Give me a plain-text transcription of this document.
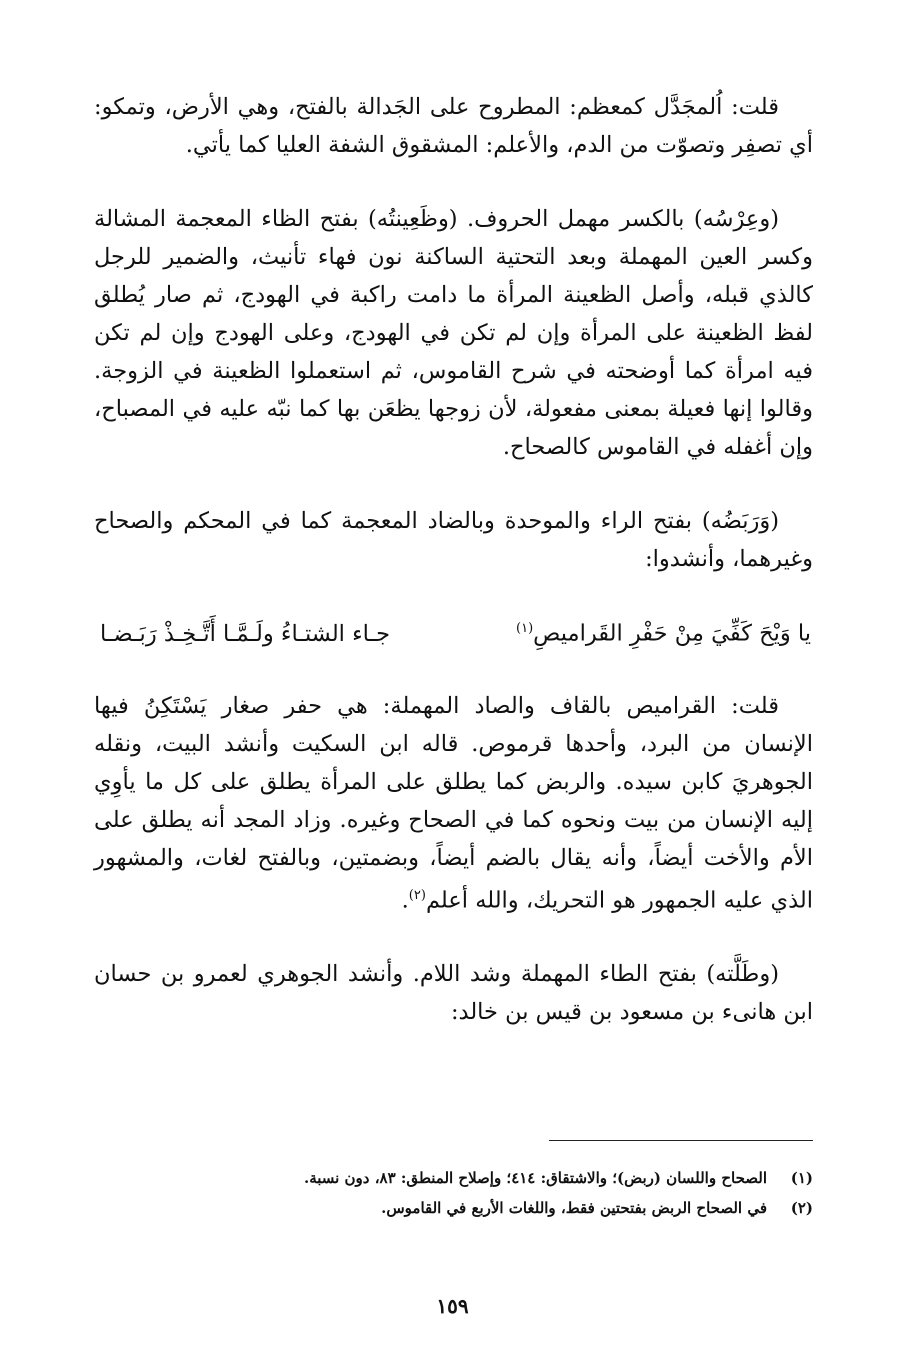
قلت: اُلمجَدَّل كمعظم: المطروح على الجَدالة بالفتح، وهي الأرض، وتمكو: أي تصفِر وتصوّت من الدم، والأعلم: المشقوق الشفة العليا كما يأتي.

(وعِرْسُه) بالكسر مهمل الحروف. (وظَعِينتُه) بفتح الظاء المعجمة المشالة وكسر العين المهملة وبعد التحتية الساكنة نون فهاء تأنيث، والضمير للرجل كالذي قبله، وأصل الظعينة المرأة ما دامت راكبة في الهودج، ثم صار يُطلق لفظ الظعينة على المرأة وإن لم تكن في الهودج، وعلى الهودج وإن لم تكن فيه امرأة كما أوضحته في شرح القاموس، ثم استعملوا الظعينة في الزوجة. وقالوا إنها فعيلة بمعنى مفعولة، لأن زوجها يظعَن بها كما نبّه عليه في المصباح، وإن أغفله في القاموس كالصحاح.

(وَرَبَضُه) بفتح الراء والموحدة وبالضاد المعجمة كما في المحكم والصحاح وغيرهما، وأنشدوا:

يا وَيْحَ كَفِّيَ مِنْ حَفْرِ القَراميصِ$^{(١)}$
جـاء الشتـاءُ ولَـمَّـا أَتَّـخِـذْ رَبَـضـا

قلت: القراميص بالقاف والصاد المهملة: هي حفر صغار يَسْتَكِنُ فيها الإنسان من البرد، وأحدها قرموص. قاله ابن السكيت وأنشد البيت، ونقله الجوهريَ كابن سيده. والربض كما يطلق على المرأة يطلق على كل ما يأوِي إليه الإنسان من بيت ونحوه كما في الصحاح وغيره. وزاد المجد أنه يطلق على الأم والأخت أيضاً، وأنه يقال بالضم أيضاً، وبضمتين، وبالفتح لغات، والمشهور الذي عليه الجمهور هو التحريك، والله أعلم$^{(٢)}$.

(وطَلَّته) بفتح الطاء المهملة وشد اللام. وأنشد الجوهري لعمرو بن حسان ابن هانىء بن مسعود بن قيس بن خالد:

(١)
الصحاح واللسان (ربض)؛ والاشتقاق: ٤١٤؛ وإصلاح المنطق: ٨٣، دون نسبة.
(٢)
في الصحاح الربض بفتحتين فقط، واللغات الأربع في القاموس.
١٥٩
